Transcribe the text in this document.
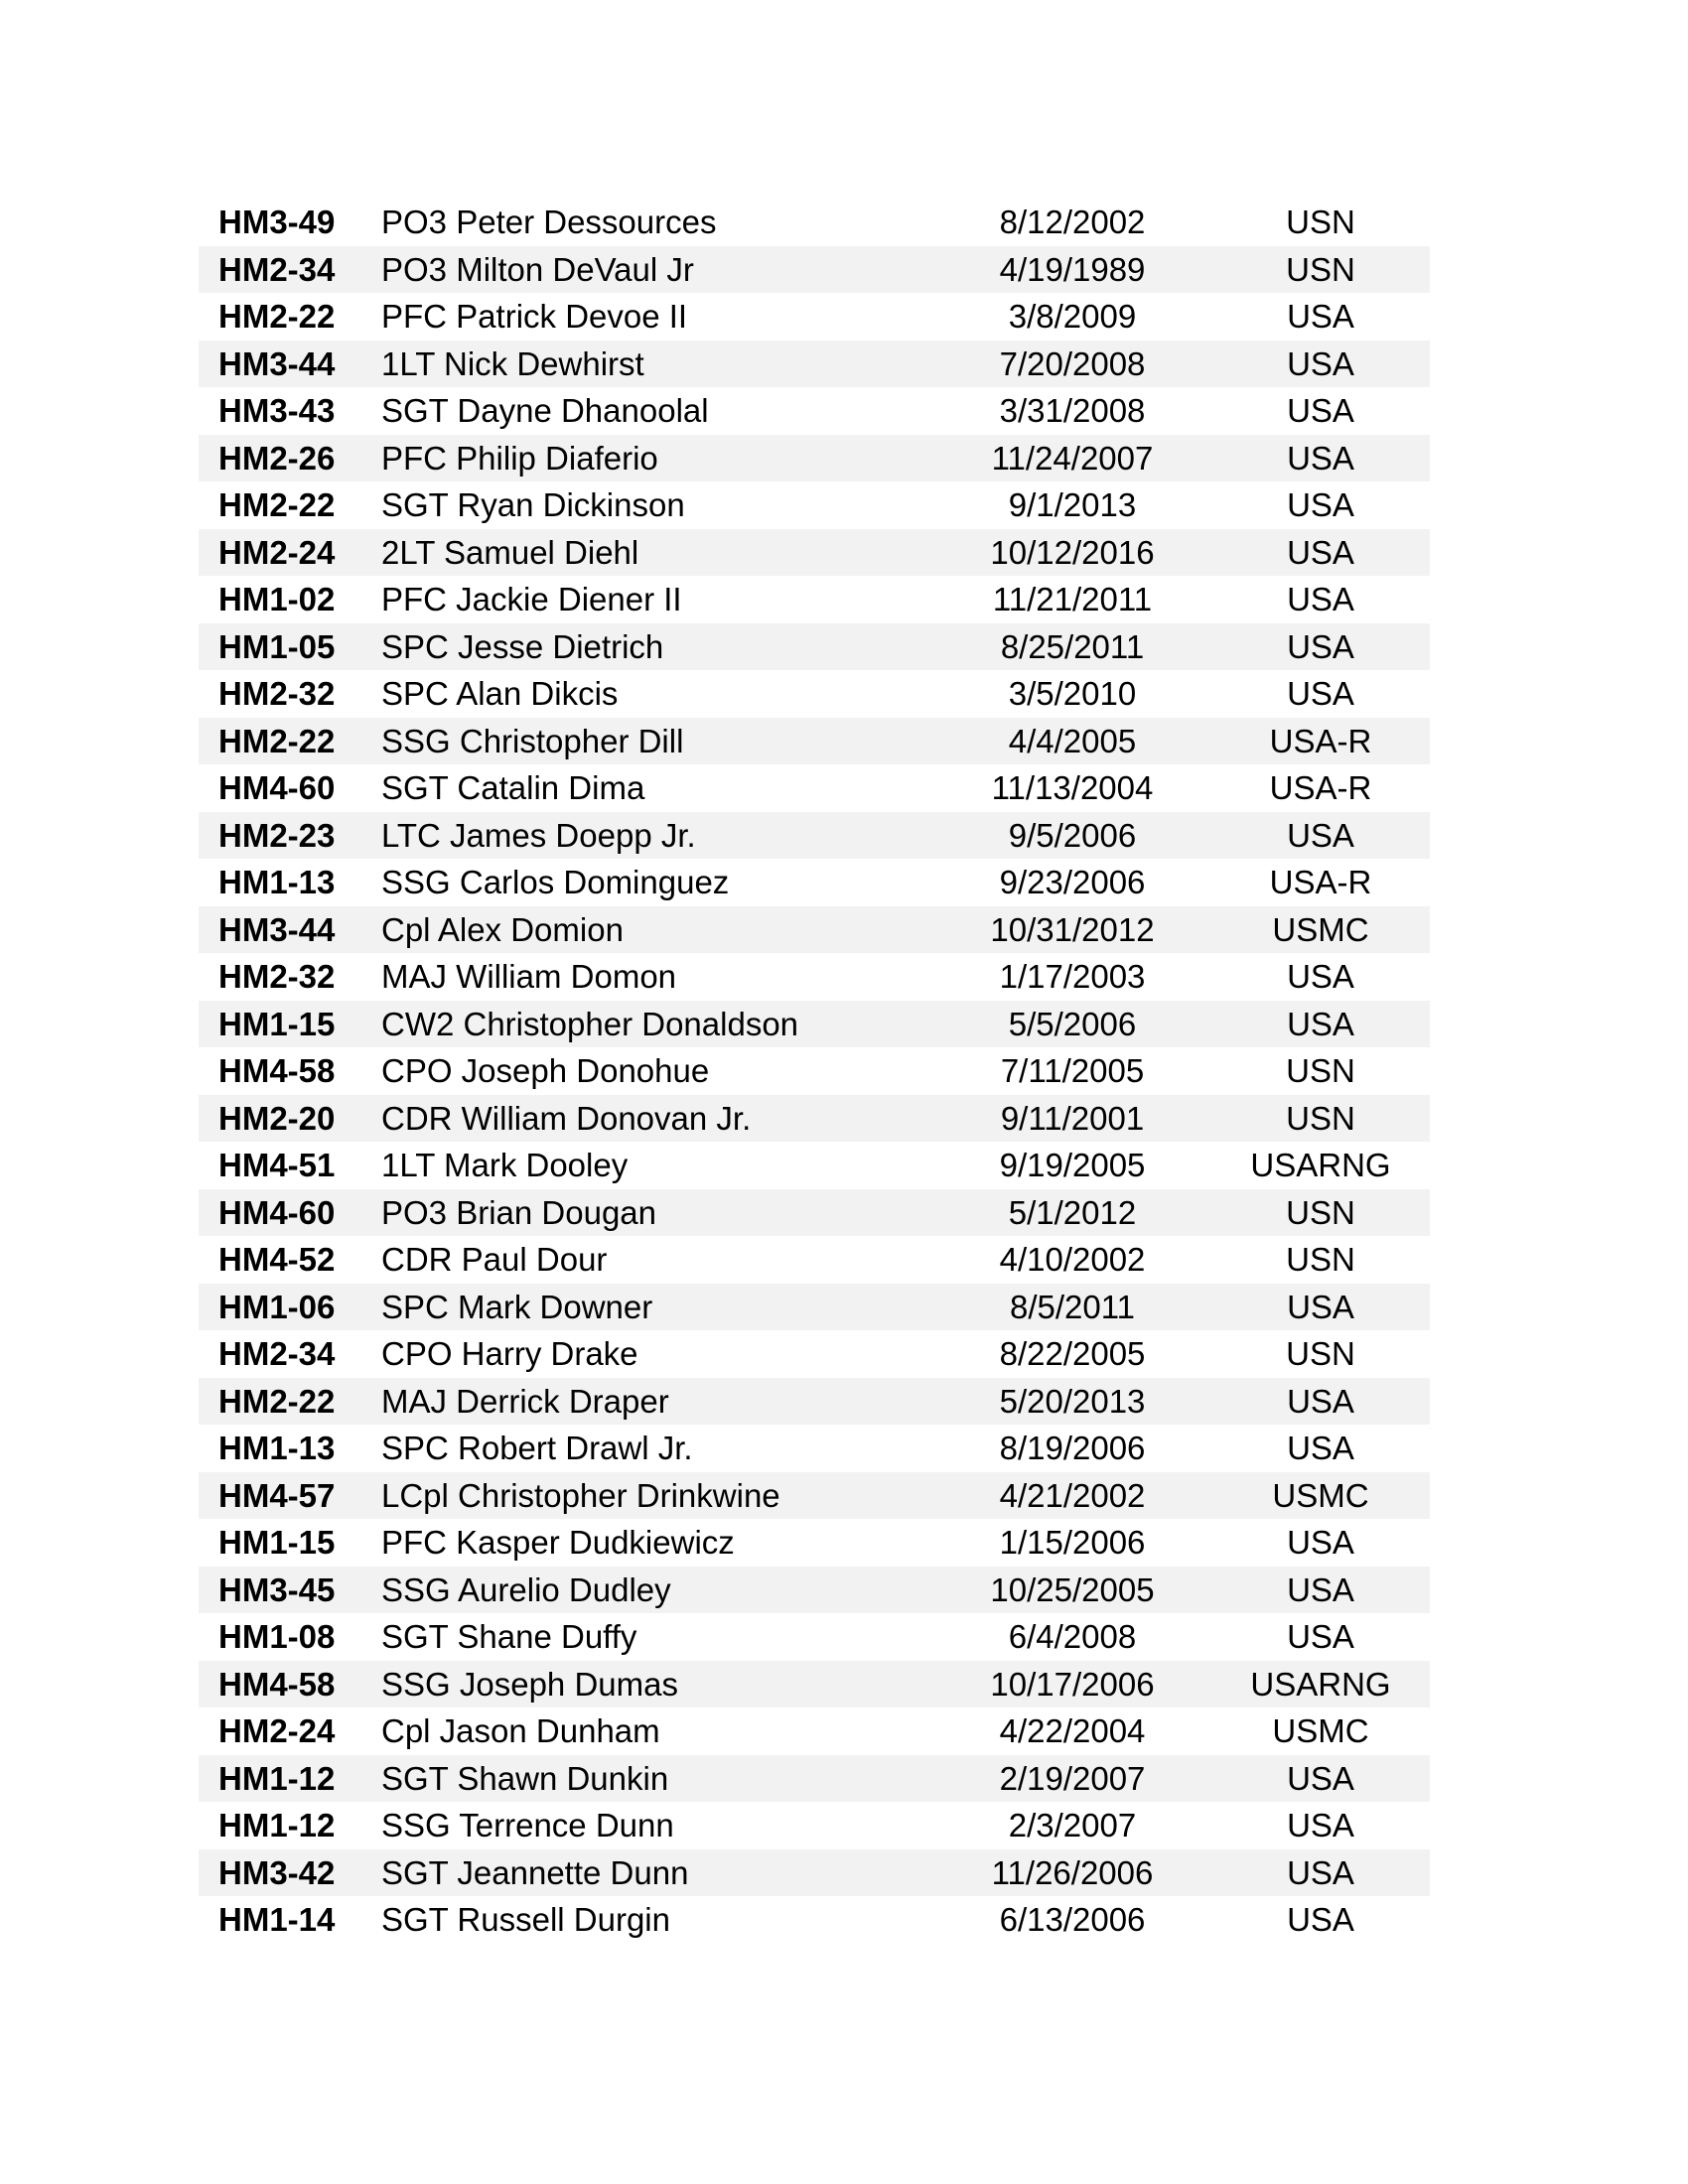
HM3-49 PO3 Peter Dessources	8/12/2002	USN
HM2-34 PO3 Milton DeVaul Jr	4/19/1989	USN
HM2-22 PFC Patrick Devoe II	3/8/2009	USA
HM3-44 1LT Nick Dewhirst	7/20/2008	USA
HM3-43 SGT Dayne Dhanoolal	3/31/2008	USA
HM2-26 PFC Philip Diaferio	11/24/2007	USA
HM2-22 SGT Ryan Dickinson	9/1/2013	USA
HM2-24 2LT Samuel Diehl	10/12/2016	USA
HM1-02 PFC Jackie Diener II	11/21/2011	USA
HM1-05 SPC Jesse Dietrich	8/25/2011	USA
HM2-32 SPC Alan Dikcis	3/5/2010	USA
HM2-22 SSG Christopher Dill	4/4/2005	USA-R
HM4-60 SGT Catalin Dima	11/13/2004	USA-R
HM2-23 LTC James Doepp Jr.	9/5/2006	USA
HM1-13 SSG Carlos Dominguez	9/23/2006	USA-R
HM3-44 Cpl Alex Domion	10/31/2012	USMC
HM2-32 MAJ William Domon	1/17/2003	USA
HM1-15 CW2 Christopher Donaldson	5/5/2006	USA
HM4-58 CPO Joseph Donohue	7/11/2005	USN
HM2-20 CDR William Donovan Jr.	9/11/2001	USN
HM4-51 1LT Mark Dooley	9/19/2005	USARNG
HM4-60 PO3 Brian Dougan	5/1/2012	USN
HM4-52 CDR Paul Dour	4/10/2002	USN
HM1-06 SPC Mark Downer	8/5/2011	USA
HM2-34 CPO Harry Drake	8/22/2005	USN
HM2-22 MAJ Derrick Draper	5/20/2013	USA
HM1-13 SPC Robert Drawl Jr.	8/19/2006	USA
HM4-57 LCpl Christopher Drinkwine	4/21/2002	USMC
HM1-15 PFC Kasper Dudkiewicz	1/15/2006	USA
HM3-45 SSG Aurelio Dudley	10/25/2005	USA
HM1-08 SGT Shane Duffy	6/4/2008	USA
HM4-58 SSG Joseph Dumas	10/17/2006	USARNG
HM2-24 Cpl Jason Dunham	4/22/2004	USMC
HM1-12 SGT Shawn Dunkin	2/19/2007	USA
HM1-12 SSG Terrence Dunn	2/3/2007	USA
HM3-42 SGT Jeannette Dunn	11/26/2006	USA
HM1-14 SGT Russell Durgin	6/13/2006	USA
